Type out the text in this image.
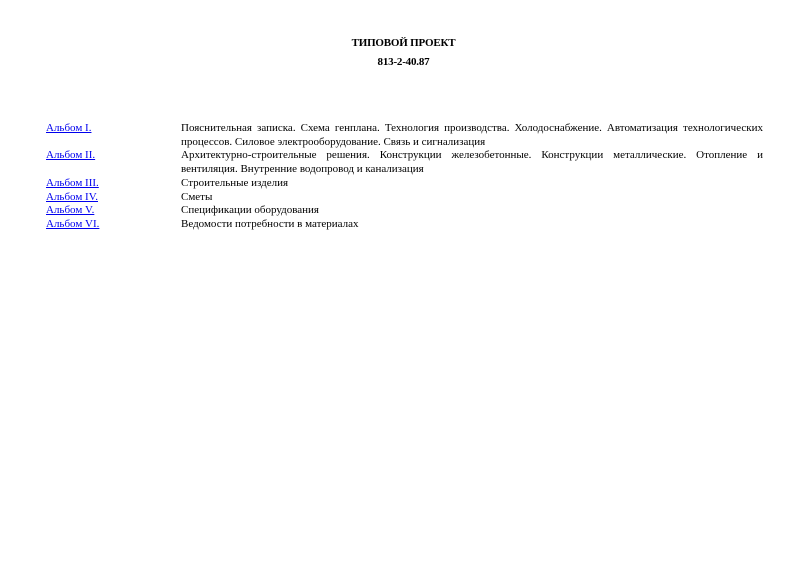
ТИПОВОЙ ПРОЕКТ
813-2-40.87
Альбом I.	Пояснительная записка. Схема генплана. Технология производства. Холодоснабжение. Автоматизация технологических процессов. Силовое электрооборудование. Связь и сигнализация
Альбом II.	Архитектурно-строительные решения. Конструкции железобетонные. Конструкции металлические. Отопление и вентиляция. Внутренние водопровод и канализация
Альбом III.	Строительные изделия
Альбом IV.	Сметы
Альбом V.	Спецификации оборудования
Альбом VI.	Ведомости потребности в материалах
